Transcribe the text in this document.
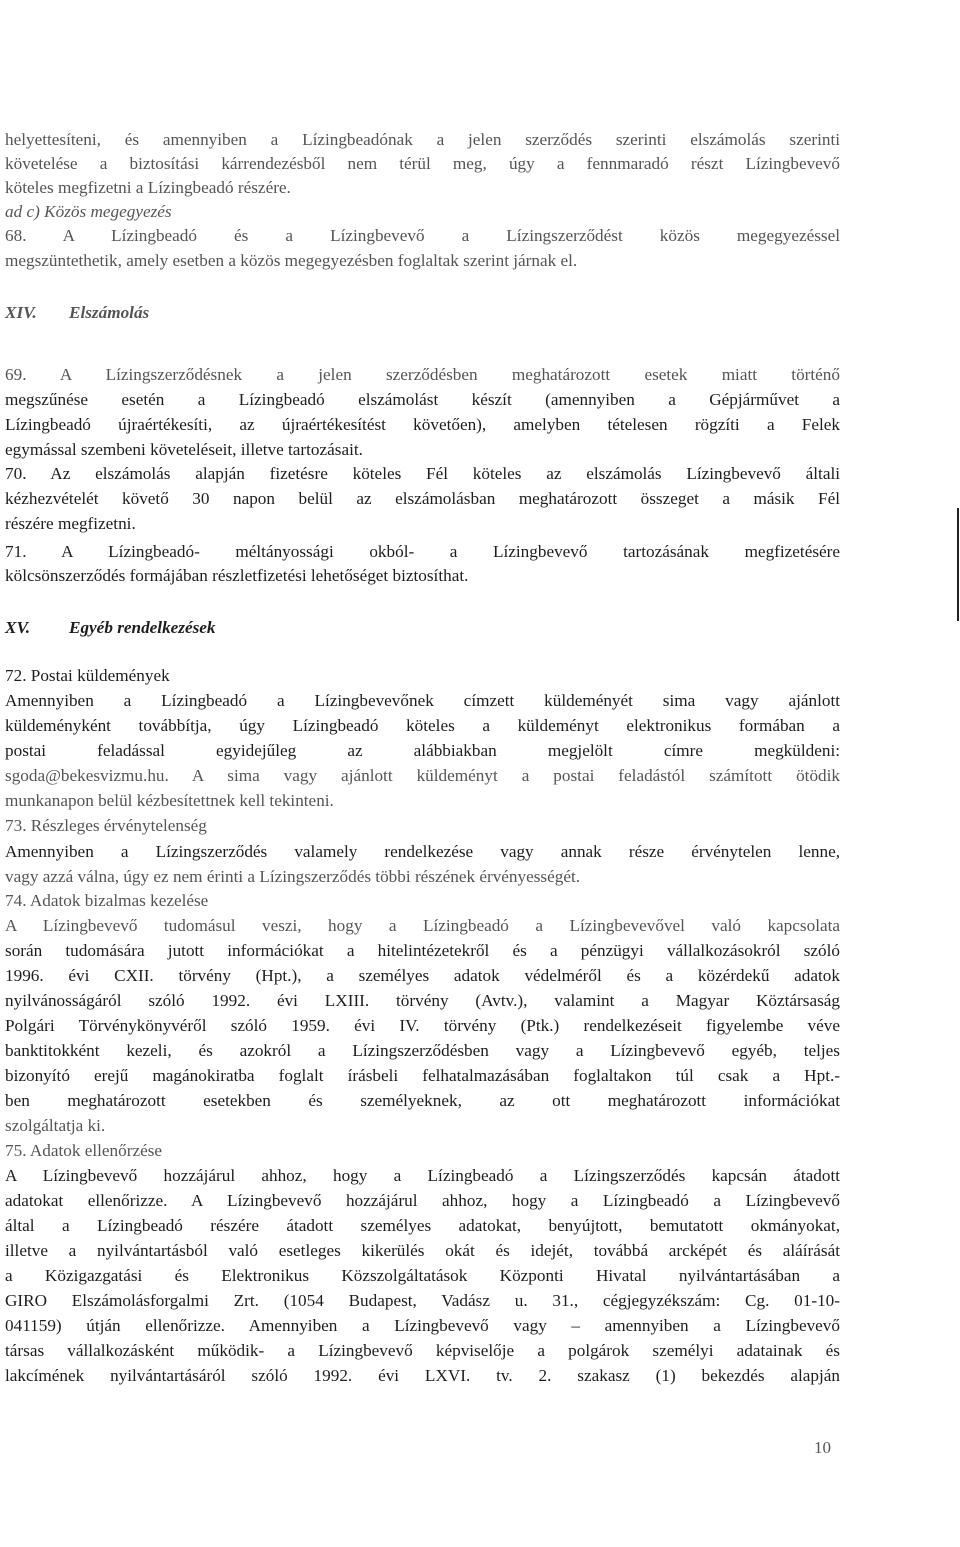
helyettesíteni, és amennyiben a Lízingbeadónak a jelen szerződés szerinti elszámolás szerinti
követelése a biztosítási kárrendezésből nem térül meg, úgy a fennmaradó részt Lízingbevevő
köteles megfizetni a Lízingbeadó részére.
ad c) Közös megegyezés
68. A Lízingbeadó és a Lízingbevevő a Lízingszerződést közös megegyezéssel
megszüntethetik, amely esetben a közös megegyezésben foglaltak szerint járnak el.
XIV. Elszámolás
69. A Lízingszerződésnek a jelen szerződésben meghatározott esetek miatt történő
megszűnése esetén a Lízingbeadó elszámolást készít (amennyiben a Gépjárművet a
Lízingbeadó újraértékesíti, az újraértékesítést követően), amelyben tételesen rögzíti a Felek
egymással szembeni követeléseit, illetve tartozásait.
70. Az elszámolás alapján fizetésre köteles Fél köteles az elszámolás Lízingbevevő általi
kézhezvételét követő 30 napon belül az elszámolásban meghatározott összeget a másik Fél
részére megfizetni.
71. A Lízingbeadó- méltányossági okból- a Lízingbevevő tartozásának megfizetésére
kölcsönszerződés formájában részletfizetési lehetőséget biztosíthat.
XV. Egyéb rendelkezések
72. Postai küldemények
Amennyiben a Lízingbeadó a Lízingbevevőnek címzett küldeményét sima vagy ajánlott
küldeményként továbbítja, úgy Lízingbeadó köteles a küldeményt elektronikus formában a
postai feladással egyidejűleg az alábbiakban megjelölt címre megküldeni:
sgoda@bekesvizmu.hu. A sima vagy ajánlott küldeményt a postai feladástól számított ötödik
munkanapon belül kézbesítettnek kell tekinteni.
73. Részleges érvénytelenség
Amennyiben a Lízingszerződés valamely rendelkezése vagy annak része érvénytelen lenne,
vagy azzá válna, úgy ez nem érinti a Lízingszerződés többi részének érvényességét.
74. Adatok bizalmas kezelése
A Lízingbevevő tudomásul veszi, hogy a Lízingbeadó a Lízingbevevővel való kapcsolata
során tudomására jutott információkat a hitelintézetekről és a pénzügyi vállalkozásokról szóló
1996. évi CXII. törvény (Hpt.), a személyes adatok védelméről és a közérdekű adatok
nyilvánosságáról szóló 1992. évi LXIII. törvény (Avtv.), valamint a Magyar Köztársaság
Polgári Törvénykönyvéről szóló 1959. évi IV. törvény (Ptk.) rendelkezéseit figyelembe véve
banktitokként kezeli, és azokról a Lízingszerződésben vagy a Lízingbevevő egyéb, teljes
bizonyító erejű magánokiratba foglalt írásbeli felhatalmazásában foglaltakon túl csak a Hpt.-
ben meghatározott esetekben és személyeknek, az ott meghatározott információkat
szolgáltatja ki.
75. Adatok ellenőrzése
A Lízingbevevő hozzájárul ahhoz, hogy a Lízingbeadó a Lízingszerződés kapcsán átadott
adatokat ellenőrizze. A Lízingbevevő hozzájárul ahhoz, hogy a Lízingbeadó a Lízingbevevő
által a Lízingbeadó részére átadott személyes adatokat, benyújtott, bemutatott okmányokat,
illetve a nyilvántartásból való esetleges kikerülés okát és idejét, továbbá arcképét és aláírását
a Közigazgatási és Elektronikus Közszolgáltatások Központi Hivatal nyilvántartásában a
GIRO Elszámolásforgalmi Zrt. (1054 Budapest, Vadász u. 31., cégjegyzékszám: Cg. 01-10-
041159) útján ellenőrizze. Amennyiben a Lízingbevevő vagy – amennyiben a Lízingbevevő
társas vállalkozásként működik- a Lízingbevevő képviselője a polgárok személyi adatainak és
lakcímének nyilvántartásáról szóló 1992. évi LXVI. tv. 2. szakasz (1) bekezdés alapján
10
